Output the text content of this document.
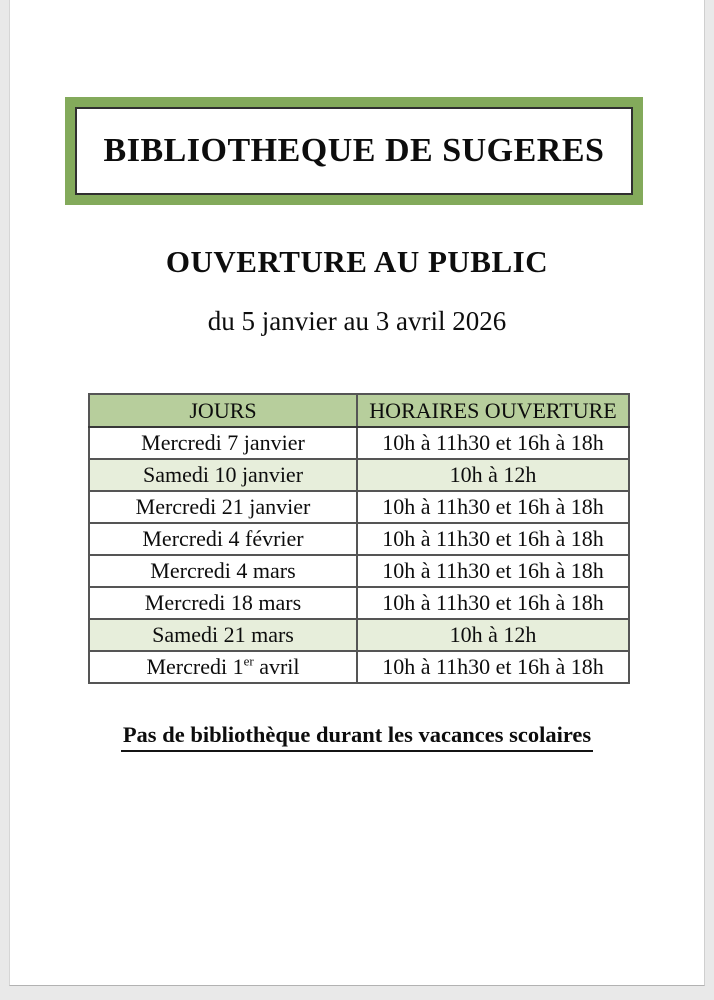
BIBLIOTHEQUE DE SUGERES
OUVERTURE AU PUBLIC
du 5 janvier au 3 avril 2026
JOURS	HORAIRES OUVERTURE
Mercredi 7 janvier	10h à 11h30 et 16h à 18h
Samedi 10 janvier	10h à 12h
Mercredi 21 janvier	10h à 11h30 et 16h à 18h
Mercredi 4 février	10h à 11h30 et 16h à 18h
Mercredi 4 mars	10h à 11h30 et 16h à 18h
Mercredi 18 mars	10h à 11h30 et 16h à 18h
Samedi 21 mars	10h à 12h
Mercredi 1er avril	10h à 11h30 et 16h à 18h
Pas de bibliothèque durant les vacances scolaires
